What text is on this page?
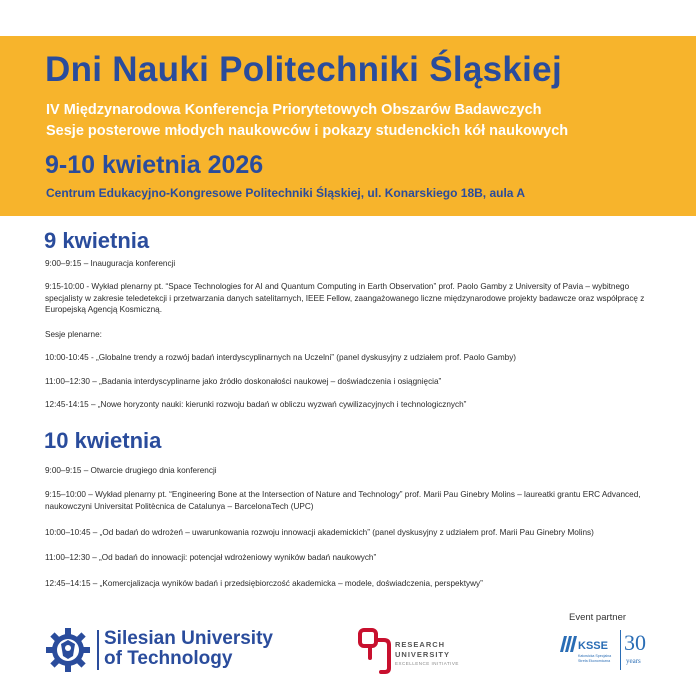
Dni Nauki Politechniki Śląskiej
IV Międzynarodowa Konferencja Priorytetowych Obszarów Badawczych
Sesje posterowe młodych naukowców i pokazy studenckich kół naukowych
9-10 kwietnia 2026
Centrum Edukacyjno-Kongresowe Politechniki Śląskiej, ul. Konarskiego 18B, aula A
9 kwietnia
9:00–9:15 – Inauguracja konferencji
9:15-10:00 - Wykład plenarny pt. “Space Technologies for AI and Quantum Computing in Earth Observation” prof. Paolo Gamby z University of Pavia – wybitnego specjalisty w zakresie teledetekcji i przetwarzania danych satelitarnych, IEEE Fellow, zaangażowanego liczne międzynarodowe projekty badawcze oraz współpracę z Europejską Agencją Kosmiczną.
Sesje plenarne:
10:00-10:45 - „Globalne trendy a rozwój badań interdyscyplinarnych na Uczelni” (panel dyskusyjny z udziałem prof. Paolo Gamby)
11:00–12:30 – „Badania interdyscyplinarne jako źródło doskonałości naukowej – doświadczenia i osiągnięcia”
12:45-14:15 – „Nowe horyzonty nauki: kierunki rozwoju badań w obliczu wyzwań cywilizacyjnych i technologicznych”
10 kwietnia
9:00–9:15 – Otwarcie drugiego dnia konferencji
9:15–10:00 – Wykład plenarny pt. “Engineering Bone at the Intersection of Nature and Technology” prof. Marii Pau Ginebry Molins – laureatki grantu ERC Advanced, naukowczyni Universitat Politècnica de Catalunya – BarcelonaTech (UPC)
10:00–10:45 – „Od badań do wdrożeń – uwarunkowania rozwoju innowacji akademickich” (panel dyskusyjny z udziałem prof. Marii Pau Ginebry Molins)
11:00–12:30 – „Od badań do innowacji: potencjał wdrożeniowy wyników badań naukowych”
12:45–14:15 – „Komercjalizacja wyników badań i przedsiębiorczość akademicka – modele, doświadczenia, perspektywy”
Silesian University
of Technology
RESEARCH
UNIVERSITY
EXCELLENCE INITIATIVE
Event partner
KSSE
Katowicka Specjalna Strefa Ekonomiczna
30
years
